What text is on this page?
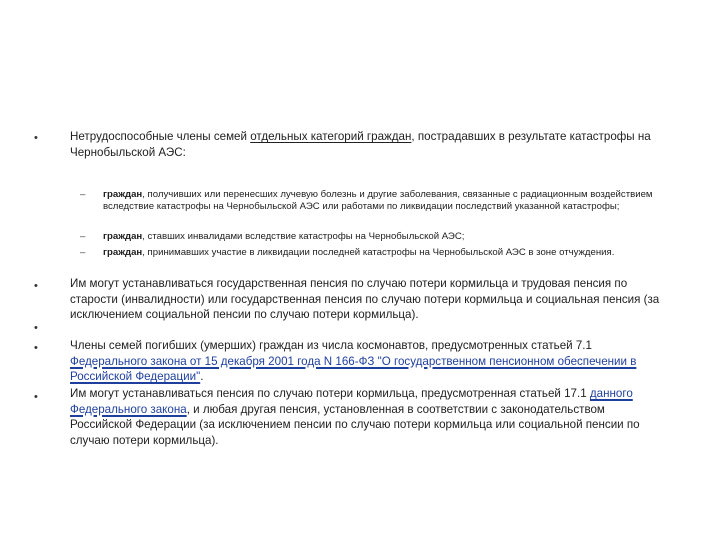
•	Нетрудоспособные члены семей отдельных категорий граждан, пострадавших в результате катастрофы на Чернобыльской АЭС:
– граждан, получивших или перенесших лучевую болезнь и другие заболевания, связанные с радиационным воздействием вследствие катастрофы на Чернобыльской АЭС или работами по ликвидации последствий указанной катастрофы;
– граждан, ставших инвалидами вследствие катастрофы на Чернобыльской АЭС;
– граждан, принимавших участие в ликвидации последней катастрофы на Чернобыльской АЭС в зоне отчуждения.
•	Им могут устанавливаться государственная пенсия по случаю потери кормильца и трудовая пенсия по старости (инвалидности) или государственная пенсия по случаю потери кормильца и социальная пенсия (за исключением социальной пенсии по случаю потери кормильца).
•
•	Члены семей погибших (умерших) граждан из числа космонавтов, предусмотренных статьей 7.1 Федерального закона от 15 декабря 2001 года N 166-ФЗ "О государственном пенсионном обеспечении в Российской Федерации".
•	Им могут устанавливаться пенсия по случаю потери кормильца, предусмотренная статьей 17.1 данного Федерального закона, и любая другая пенсия, установленная в соответствии с законодательством Российской Федерации (за исключением пенсии по случаю потери кормильца или социальной пенсии по случаю потери кормильца).
